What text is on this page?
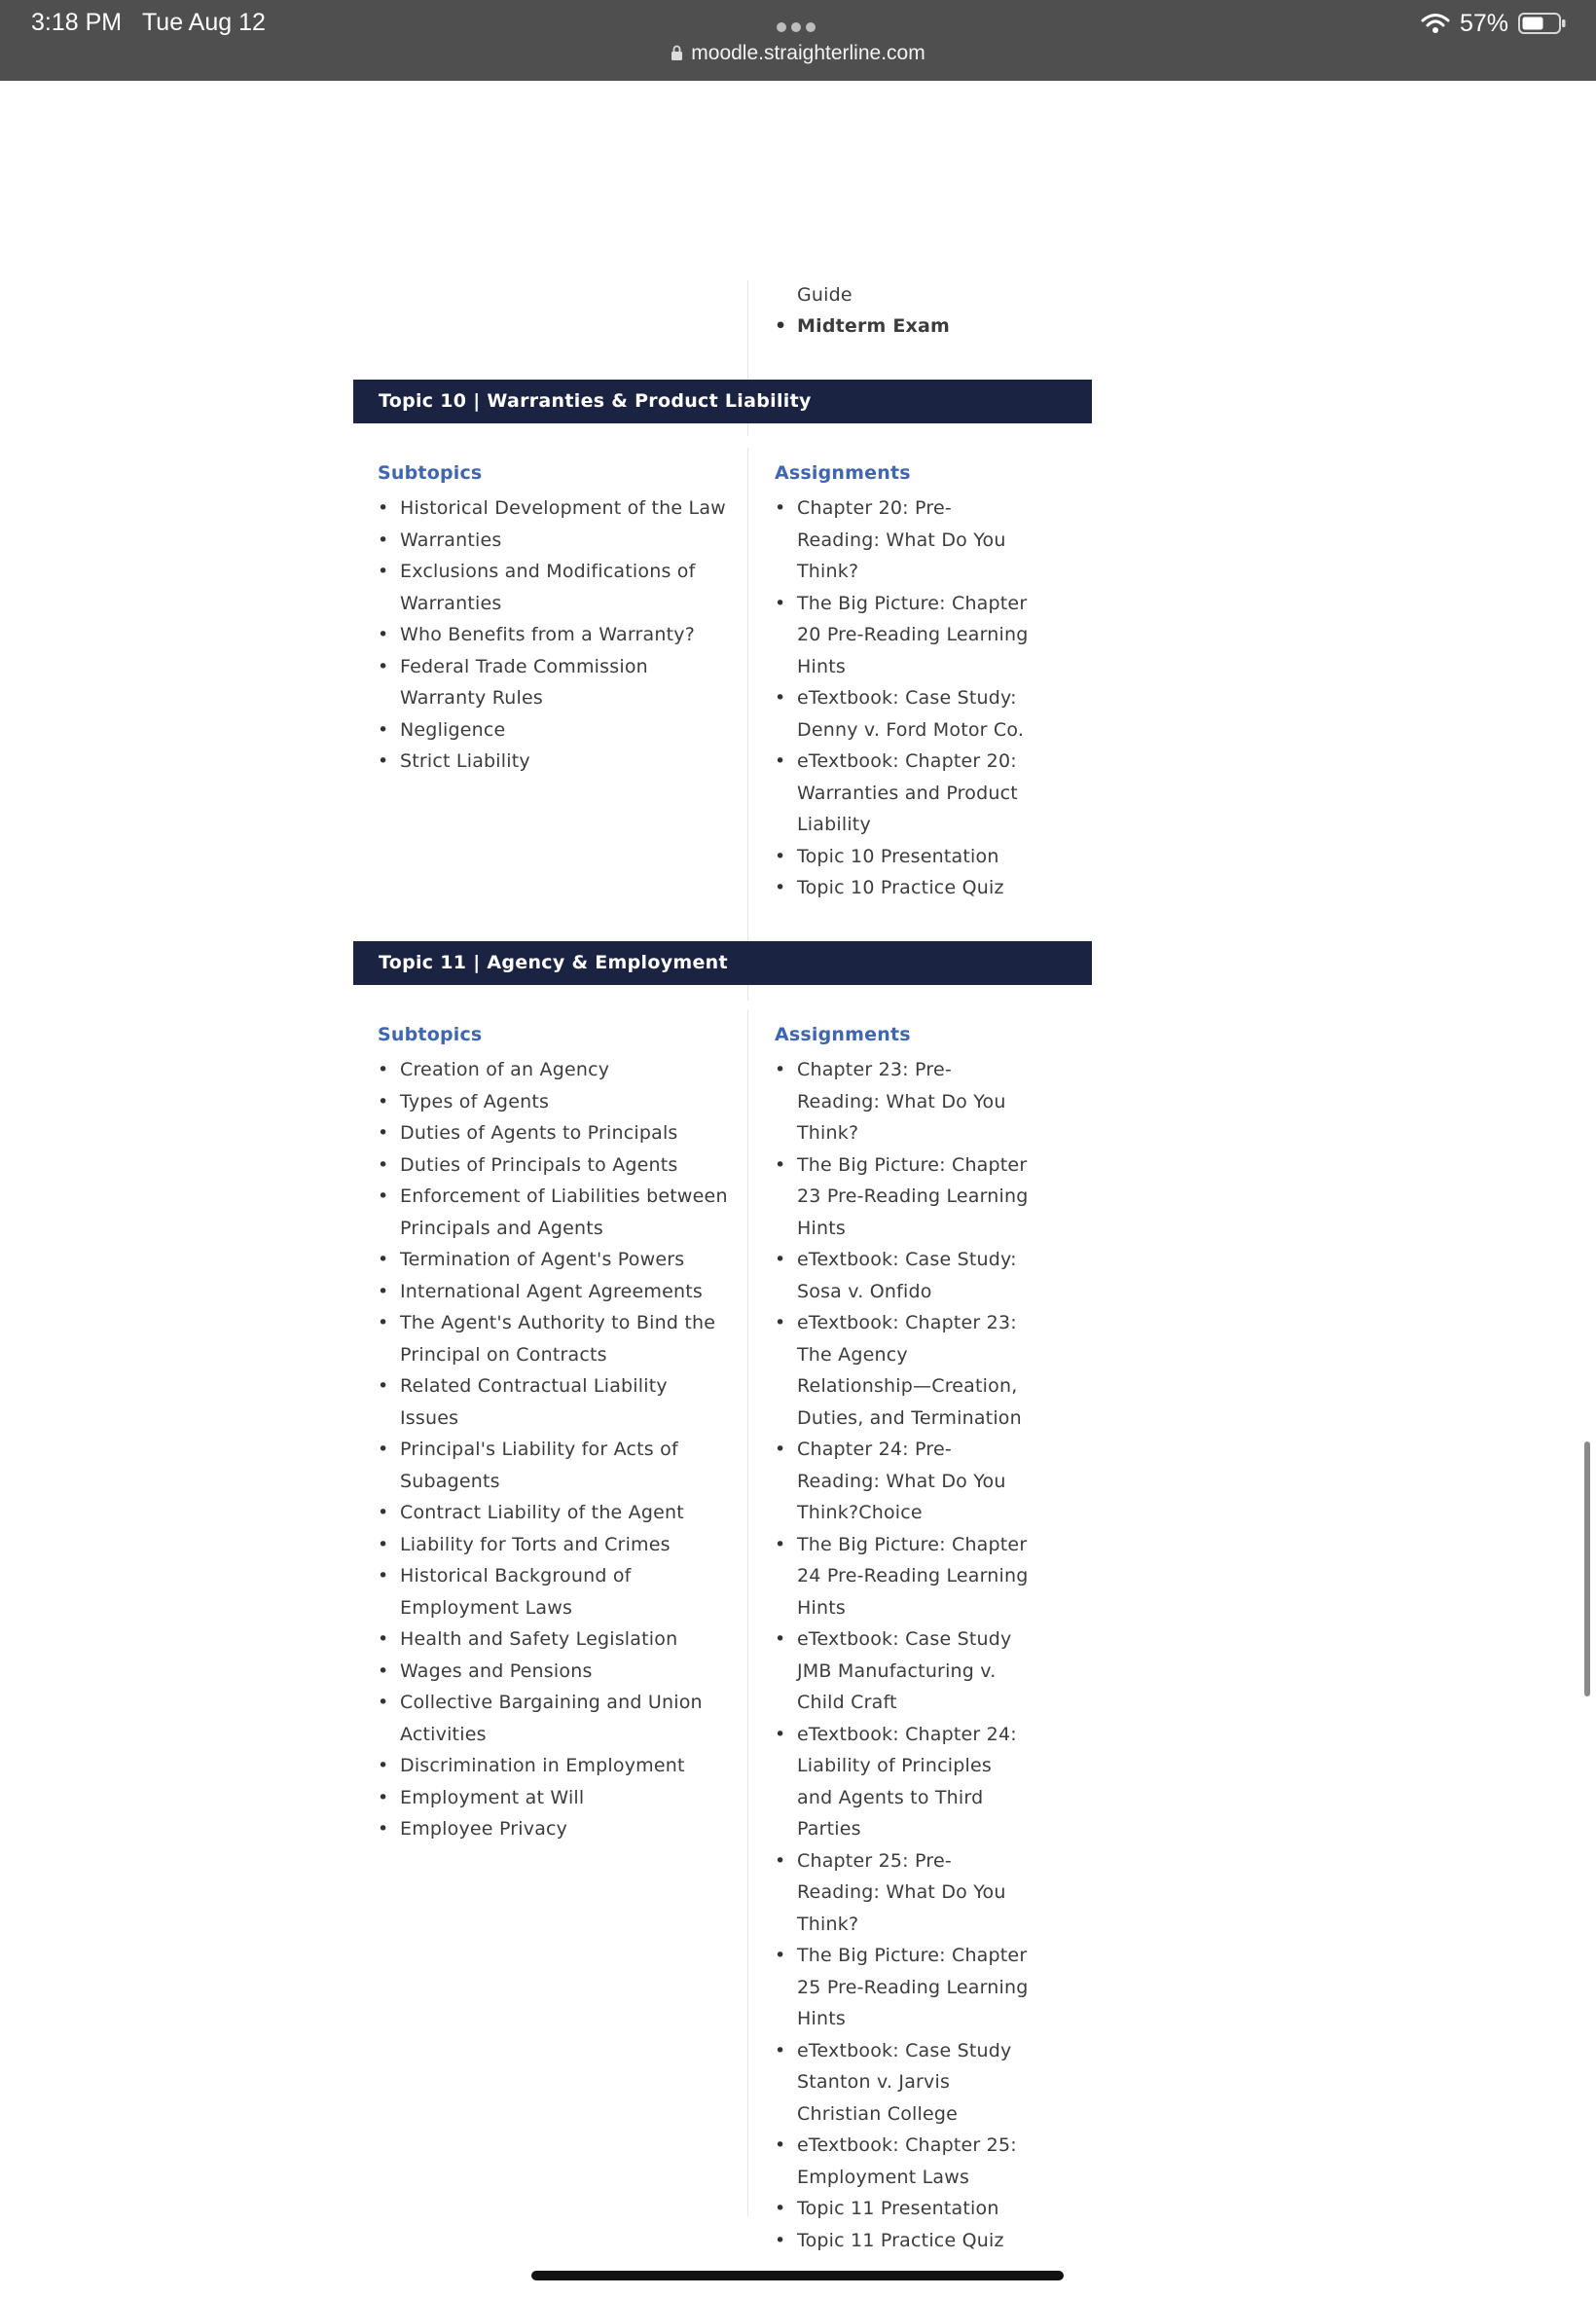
3:18 PM Tue Aug 12
moodle.straighterline.com
57%
Guide
• Midterm Exam
Topic 10 | Warranties & Product Liability
Subtopics	Assignments
• Historical Development of the Law
• Warranties
• Exclusions and Modifications of Warranties
• Who Benefits from a Warranty?
• Federal Trade Commission Warranty Rules
• Negligence
• Strict Liability
• Chapter 20: Pre-Reading: What Do You Think?
• The Big Picture: Chapter 20 Pre-Reading Learning Hints
• eTextbook: Case Study: Denny v. Ford Motor Co.
• eTextbook: Chapter 20: Warranties and Product Liability
• Topic 10 Presentation
• Topic 10 Practice Quiz
Topic 11 | Agency & Employment
Subtopics	Assignments
• Creation of an Agency
• Types of Agents
• Duties of Agents to Principals
• Duties of Principals to Agents
• Enforcement of Liabilities between Principals and Agents
• Termination of Agent's Powers
• International Agent Agreements
• The Agent's Authority to Bind the Principal on Contracts
• Related Contractual Liability Issues
• Principal's Liability for Acts of Subagents
• Contract Liability of the Agent
• Liability for Torts and Crimes
• Historical Background of Employment Laws
• Health and Safety Legislation
• Wages and Pensions
• Collective Bargaining and Union Activities
• Discrimination in Employment
• Employment at Will
• Employee Privacy
• Chapter 23: Pre-Reading: What Do You Think?
• The Big Picture: Chapter 23 Pre-Reading Learning Hints
• eTextbook: Case Study: Sosa v. Onfido
• eTextbook: Chapter 23: The Agency Relationship—Creation, Duties, and Termination
• Chapter 24: Pre-Reading: What Do You Think?Choice
• The Big Picture: Chapter 24 Pre-Reading Learning Hints
• eTextbook: Case Study JMB Manufacturing v. Child Craft
• eTextbook: Chapter 24: Liability of Principles and Agents to Third Parties
• Chapter 25: Pre-Reading: What Do You Think?
• The Big Picture: Chapter 25 Pre-Reading Learning Hints
• eTextbook: Case Study Stanton v. Jarvis Christian College
• eTextbook: Chapter 25: Employment Laws
• Topic 11 Presentation
• Topic 11 Practice Quiz
